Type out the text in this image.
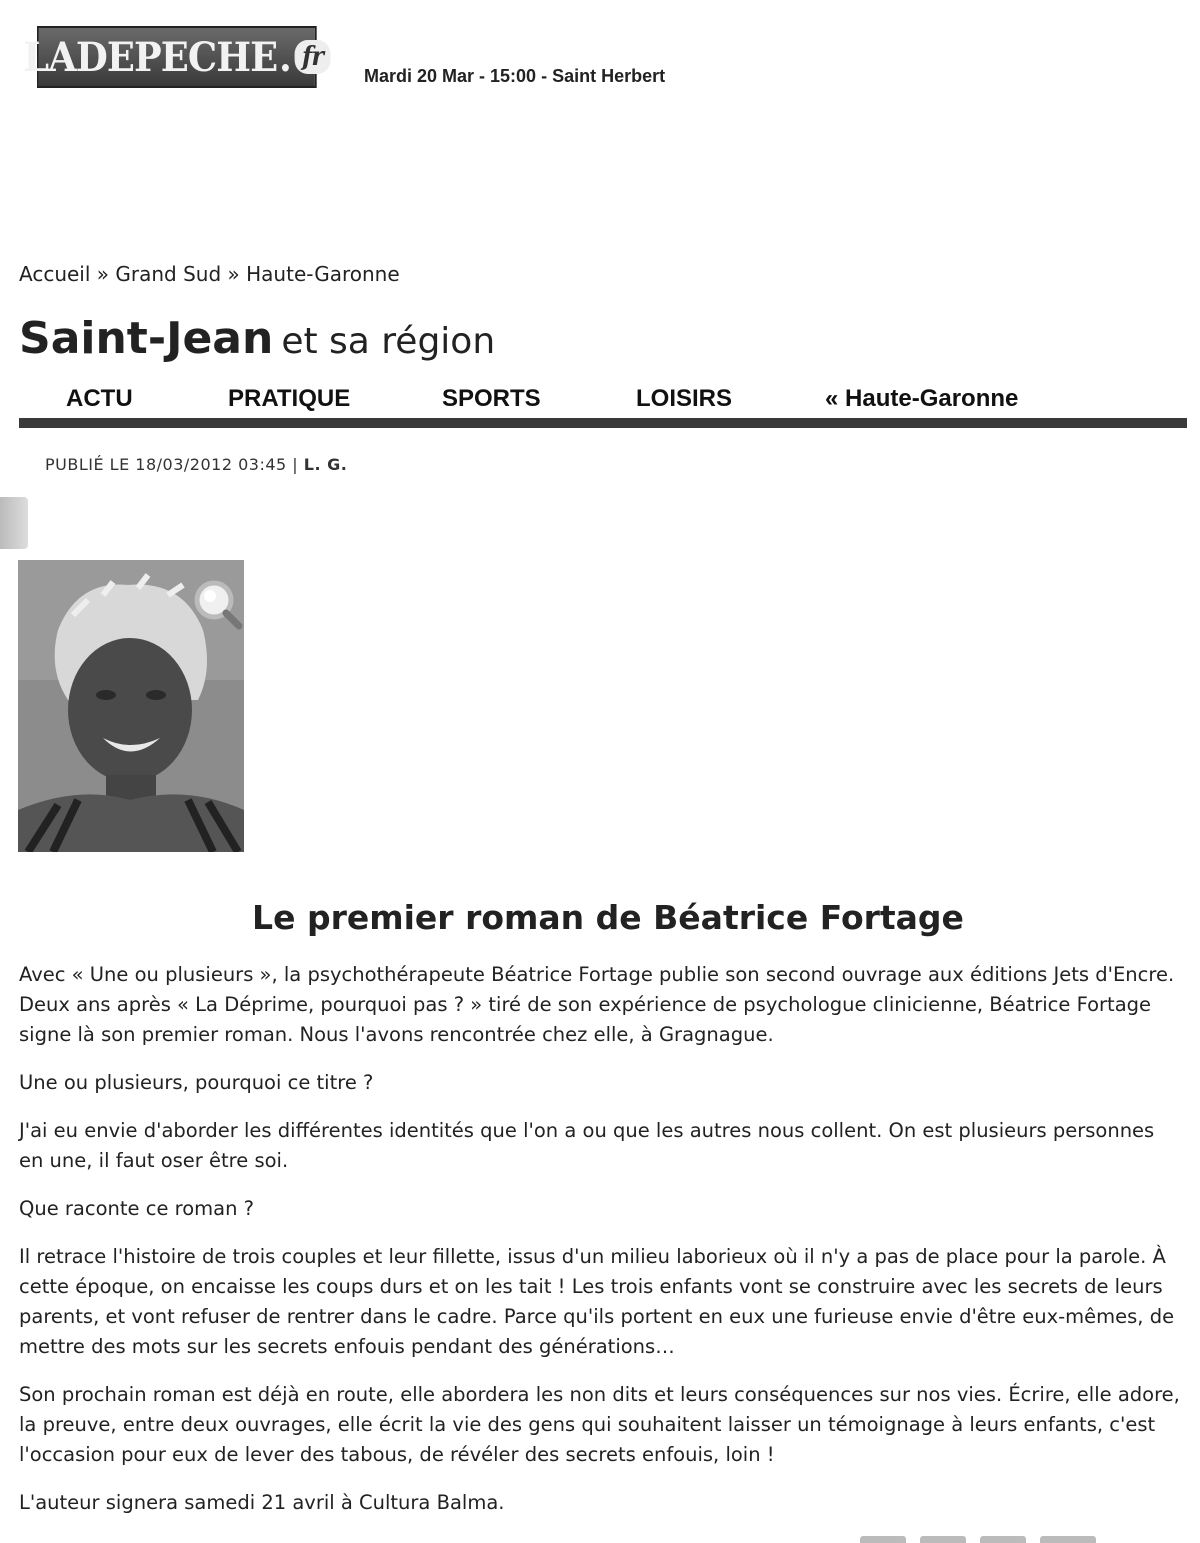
LADEPECHE . fr
Mardi 20 Mar - 15:00 - Saint Herbert
Accueil » Grand Sud » Haute-Garonne
Saint-Jean et sa région
ACTU	PRATIQUE	SPORTS	LOISIRS	« Haute-Garonne
PUBLIÉ LE 18/03/2012 03:45 | L. G.
Le premier roman de Béatrice Fortage

Avec « Une ou plusieurs », la psychothérapeute Béatrice Fortage publie son second ouvrage aux éditions Jets d'Encre. Deux ans après « La Déprime, pourquoi pas ? » tiré de son expérience de psychologue clinicienne, Béatrice Fortage signe là son premier roman. Nous l'avons rencontrée chez elle, à Gragnague.

Une ou plusieurs, pourquoi ce titre ?

J'ai eu envie d'aborder les différentes identités que l'on a ou que les autres nous collent. On est plusieurs personnes en une, il faut oser être soi.

Que raconte ce roman ?

Il retrace l'histoire de trois couples et leur fillette, issus d'un milieu laborieux où il n'y a pas de place pour la parole. À cette époque, on encaisse les coups durs et on les tait ! Les trois enfants vont se construire avec les secrets de leurs parents, et vont refuser de rentrer dans le cadre. Parce qu'ils portent en eux une furieuse envie d'être eux-mêmes, de mettre des mots sur les secrets enfouis pendant des générations…

Son prochain roman est déjà en route, elle abordera les non dits et leurs conséquences sur nos vies. Écrire, elle adore, la preuve, entre deux ouvrages, elle écrit la vie des gens qui souhaitent laisser un témoignage à leurs enfants, c'est l'occasion pour eux de lever des tabous, de révéler des secrets enfouis, loin !

L'auteur signera samedi 21 avril à Cultura Balma.
